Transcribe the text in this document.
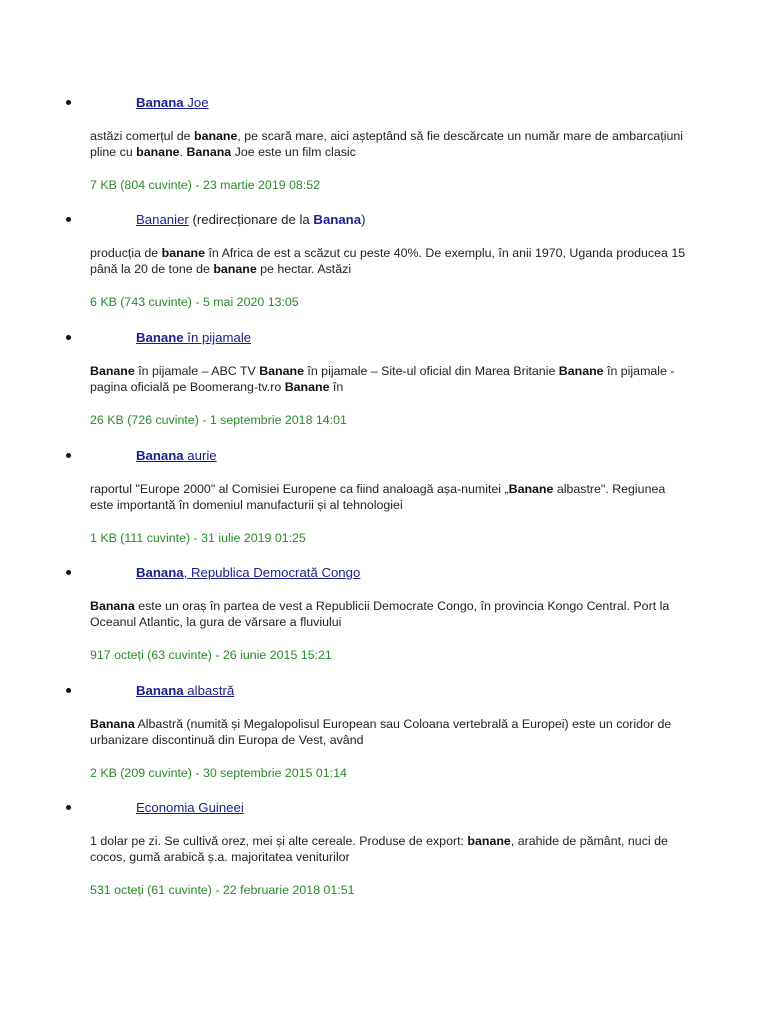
Banana Joe
astăzi comerțul de banane, pe scară mare, aici așteptând să fie descărcate un număr mare de ambarcațiuni pline cu banane. Banana Joe este un film clasic
7 KB (804 cuvinte) - 23 martie 2019 08:52
Bananier (redirecționare de la Banana)
producția de banane în Africa de est a scăzut cu peste 40%. De exemplu, în anii 1970, Uganda producea 15 până la 20 de tone de banane pe hectar. Astăzi
6 KB (743 cuvinte) - 5 mai 2020 13:05
Banane în pijamale
Banane în pijamale – ABC TV Banane în pijamale – Site-ul oficial din Marea Britanie Banane în pijamale - pagina oficială pe Boomerang-tv.ro Banane în
26 KB (726 cuvinte) - 1 septembrie 2018 14:01
Banana aurie
raportul "Europe 2000" al Comisiei Europene ca fiind analoagă așa-numitei „Banane albastre". Regiunea este importantă în domeniul manufacturii și al tehnologiei
1 KB (111 cuvinte) - 31 iulie 2019 01:25
Banana, Republica Democrată Congo
Banana este un oraș în partea de vest a Republicii Democrate Congo, în provincia Kongo Central. Port la Oceanul Atlantic, la gura de vărsare a fluviului
917 octeți (63 cuvinte) - 26 iunie 2015 15:21
Banana albastră
Banana Albastră (numită și Megalopolisul European sau Coloana vertebrală a Europei) este un coridor de urbanizare discontinuă din Europa de Vest, având
2 KB (209 cuvinte) - 30 septembrie 2015 01:14
Economia Guineei
1 dolar pe zi. Se cultivă orez, mei și alte cereale. Produse de export: banane, arahide de pământ, nuci de cocos, gumă arabică ș.a. majoritatea veniturilor
531 octeți (61 cuvinte) - 22 februarie 2018 01:51
